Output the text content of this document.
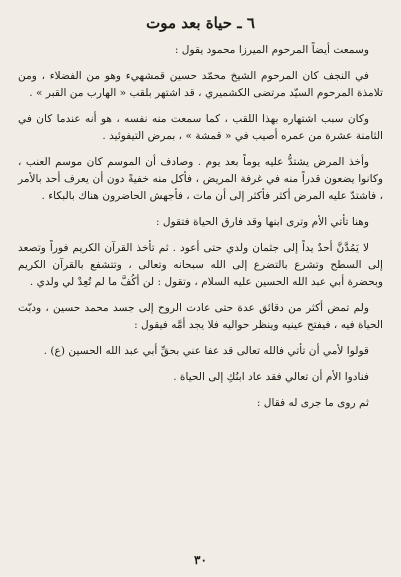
٦ ـ حياة بعد موت

وسمعت أيضاً المرحوم الميرزا محمود يقول :

في النجف كان المرحوم الشيخ محمّد حسين قمشهيء وهو من الفضلاء ، ومن تلامذة المرحوم السيّد مرتضى الكشميري ، قد اشتهر بلقب « الهارب من القبر » .

وكان سبب اشتهاره بهذا اللقب ، كما سمعت منه نفسه ، هو أنه عندما كان في الثامنة عشرة من عمره أصيب في « قمشة » ، بمرض التيفوئيد .

وأخذ المرض يشتدُّ عليه يوماً بعد يوم . وصادف أن الموسم كان موسم العنب ، وكانوا يضعون قدراً منه في غرفة المريض ، فأكل منه خفيةً دون أن يعرف أحد بالأمر ، فاشتدّ عليه المرض أكثر فأكثر إلى أن مات ، فأجهش الحاضرون هناك بالبكاء .

وهنا تأتي الأم وترى ابنها وقد فارق الحياة فتقول :

لا يَمُدَّنَّ أحدٌ يداً إلى جثمان ولدي حتى أعود . ثم تأخذ القرآن الكريم فوراً وتصعد إلى السطح وتشرع بالتضرع إلى الله سبحانه وتعالى ، وتتشفع بالقرآن الكريم وبحضرة أبي عبد الله الحسين عليه السلام ، وتقول : لن أكُفَّ ما لم تُعِدْ لي ولدي .

ولم تمض أكثر من دقائق عدة حتى عادت الروح إلى جسد محمد حسين ، ودبّت الحياة فيه ، فيفتح عينيه وينظر حواليه فلا يجد أمَّه فيقول :

قولوا لأمي أن تأتي فالله تعالى قد عفا عني بحقِّ أبي عبد الله الحسين (ع) .

فنادوا الأم أن تعالي فقد عاد ابنُكِ إلى الحياة .

ثم روى ما جرى له فقال :

٣٠
